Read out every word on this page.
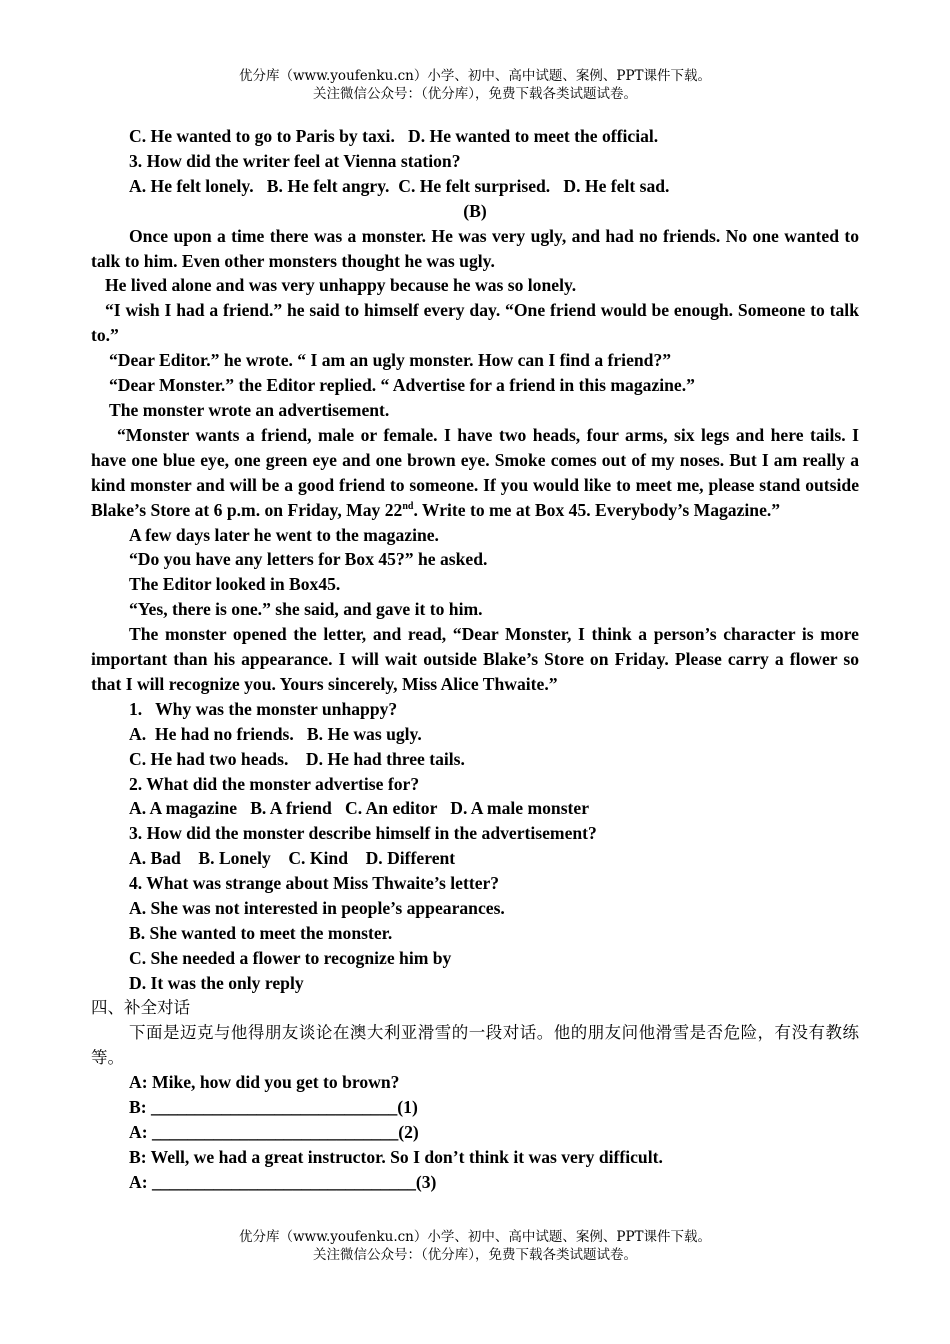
优分库（www.youfenku.cn）小学、初中、高中试题、案例、PPT课件下载。
关注微信公众号：（优分库），免费下载各类试题试卷。

C. He wanted to go to Paris by taxi.   D. He wanted to meet the official.

3. How did the writer feel at Vienna station?

A. He felt lonely.   B. He felt angry.  C. He felt surprised.   D. He felt sad.

(B)

Once upon a time there was a monster. He was very ugly, and had no friends. No one wanted to talk to him. Even other monsters thought he was ugly.

He lived alone and was very unhappy because he was so lonely.

“I wish I had a friend.” he said to himself every day. “One friend would be enough. Someone to talk to.”

“Dear Editor.” he wrote. “ I am an ugly monster. How can I find a friend?”

“Dear Monster.” the Editor replied. “ Advertise for a friend in this magazine.”

The monster wrote an advertisement.

“Monster wants a friend, male or female. I have two heads, four arms, six legs and here tails. I have one blue eye, one green eye and one brown eye. Smoke comes out of my noses. But I am really a kind monster and will be a good friend to someone. If you would like to meet me, please stand outside Blake’s Store at 6 p.m. on Friday, May 22nd. Write to me at Box 45. Everybody’s Magazine.”

A few days later he went to the magazine.

“Do you have any letters for Box 45?” he asked.

The Editor looked in Box45.

“Yes, there is one.” she said, and gave it to him.

The monster opened the letter, and read, “Dear Monster, I think a person’s character is more important than his appearance. I will wait outside Blake’s Store on Friday. Please carry a flower so that I will recognize you. Yours sincerely, Miss Alice Thwaite.”

1.   Why was the monster unhappy?

A.  He had no friends.   B. He was ugly.

C. He had two heads.    D. He had three tails.

2. What did the monster advertise for?

A. A magazine   B. A friend   C. An editor   D. A male monster

3. How did the monster describe himself in the advertisement?

A. Bad    B. Lonely    C. Kind    D. Different

4. What was strange about Miss Thwaite’s letter?

A. She was not interested in people’s appearances.

B. She wanted to meet the monster.

C. She needed a flower to recognize him by

D. It was the only reply

四、补全对话

下面是迈克与他得朋友谈论在澳大利亚滑雪的一段对话。他的朋友问他滑雪是否危险，有没有教练等。

A: Mike, how did you get to brown?

B: ____________________________(1)

A: ____________________________(2)

B: Well, we had a great instructor. So I don’t think it was very difficult.

A: ______________________________(3)

优分库（www.youfenku.cn）小学、初中、高中试题、案例、PPT课件下载。
关注微信公众号：（优分库），免费下载各类试题试卷。
